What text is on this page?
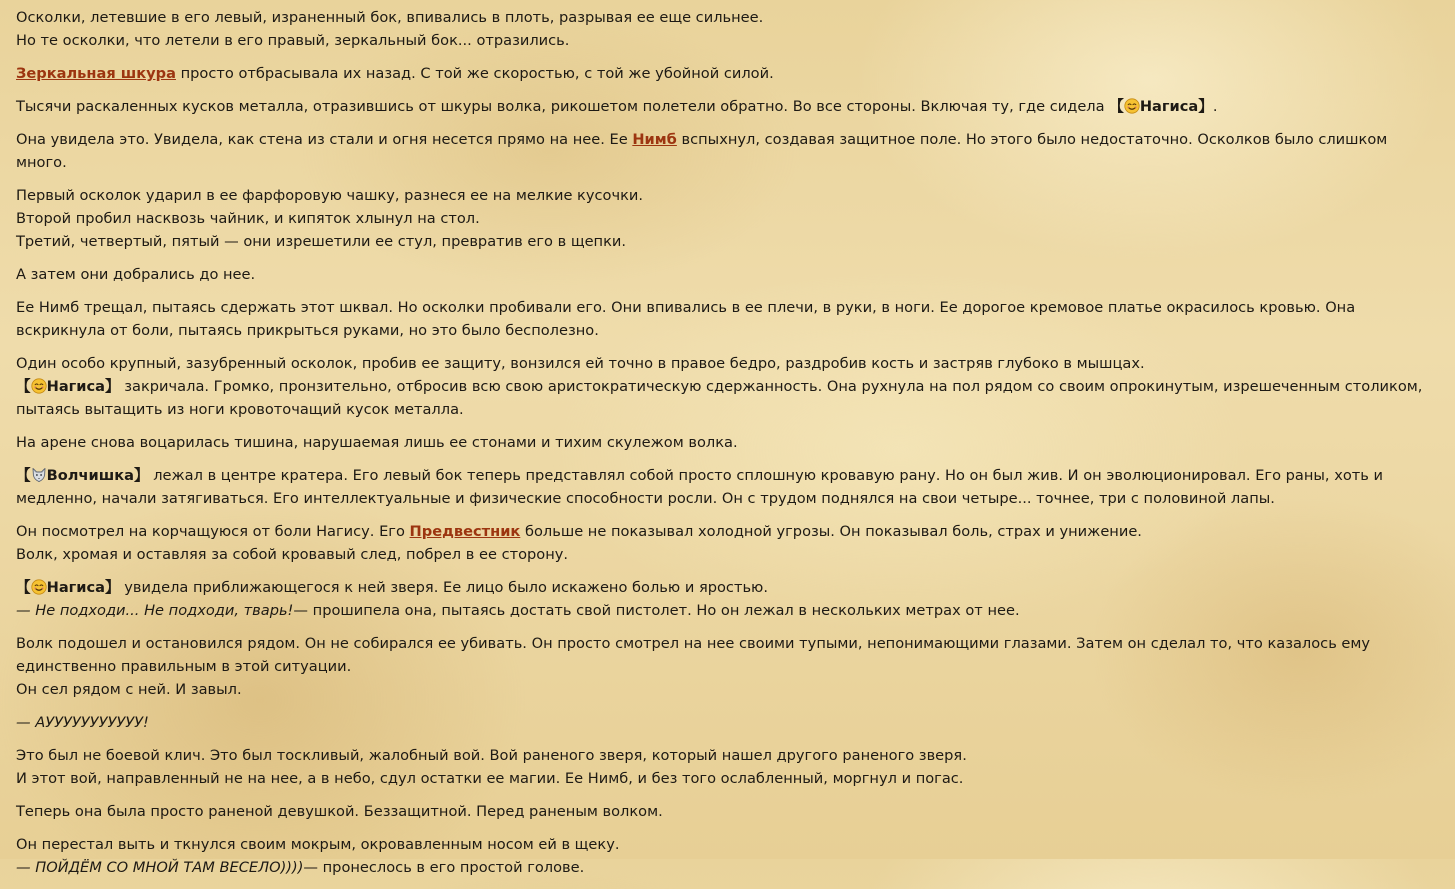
Осколки, летевшие в его левый, израненный бок, впивались в плоть, разрывая ее еще сильнее.
Но те осколки, что летели в его правый, зеркальный бок... отразились.

Зеркальная шкура просто отбрасывала их назад. С той же скоростью, с той же убойной силой.

Тысячи раскаленных кусков металла, отразившись от шкуры волка, рикошетом полетели обратно. Во все стороны. Включая ту, где сидела 【 Нагиса】.

Она увидела это. Увидела, как стена из стали и огня несется прямо на нее. Ее Нимб вспыхнул, создавая защитное поле. Но этого было недостаточно. Осколков было слишком много.

Первый осколок ударил в ее фарфоровую чашку, разнеся ее на мелкие кусочки.
Второй пробил насквозь чайник, и кипяток хлынул на стол.
Третий, четвертый, пятый — они изрешетили ее стул, превратив его в щепки.

А затем они добрались до нее.

Ее Нимб трещал, пытаясь сдержать этот шквал. Но осколки пробивали его. Они впивались в ее плечи, в руки, в ноги. Ее дорогое кремовое платье окрасилось кровью. Она вскрикнула от боли, пытаясь прикрыться руками, но это было бесполезно.

Один особо крупный, зазубренный осколок, пробив ее защиту, вонзился ей точно в правое бедро, раздробив кость и застряв глубоко в мышцах.
【 Нагиса】 закричала. Громко, пронзительно, отбросив всю свою аристократическую сдержанность. Она рухнула на пол рядом со своим опрокинутым, изрешеченным столиком, пытаясь вытащить из ноги кровоточащий кусок металла.

На арене снова воцарилась тишина, нарушаемая лишь ее стонами и тихим скулежом волка.

【 Волчишка】 лежал в центре кратера. Его левый бок теперь представлял собой просто сплошную кровавую рану. Но он был жив. И он эволюционировал. Его раны, хоть и медленно, начали затягиваться. Его интеллектуальные и физические способности росли. Он с трудом поднялся на свои четыре... точнее, три с половиной лапы.

Он посмотрел на корчащуюся от боли Нагису. Его Предвестник больше не показывал холодной угрозы. Он показывал боль, страх и унижение.
Волк, хромая и оставляя за собой кровавый след, побрел в ее сторону.

【 Нагиса】 увидела приближающегося к ней зверя. Ее лицо было искажено болью и яростью.
— Не подходи... Не подходи, тварь!— прошипела она, пытаясь достать свой пистолет. Но он лежал в нескольких метрах от нее.

Волк подошел и остановился рядом. Он не собирался ее убивать. Он просто смотрел на нее своими тупыми, непонимающими глазами. Затем он сделал то, что казалось ему единственно правильным в этой ситуации.
Он сел рядом с ней. И завыл.

— АУУУУУУУУУУУ!

Это был не боевой клич. Это был тоскливый, жалобный вой. Вой раненого зверя, который нашел другого раненого зверя.
И этот вой, направленный не на нее, а в небо, сдул остатки ее магии. Ее Нимб, и без того ослабленный, моргнул и погас.

Теперь она была просто раненой девушкой. Беззащитной. Перед раненым волком.

Он перестал выть и ткнулся своим мокрым, окровавленным носом ей в щеку.
— ПОЙДЁМ СО МНОЙ ТАМ ВЕСЕЛО))))— пронеслось в его простой голове.
